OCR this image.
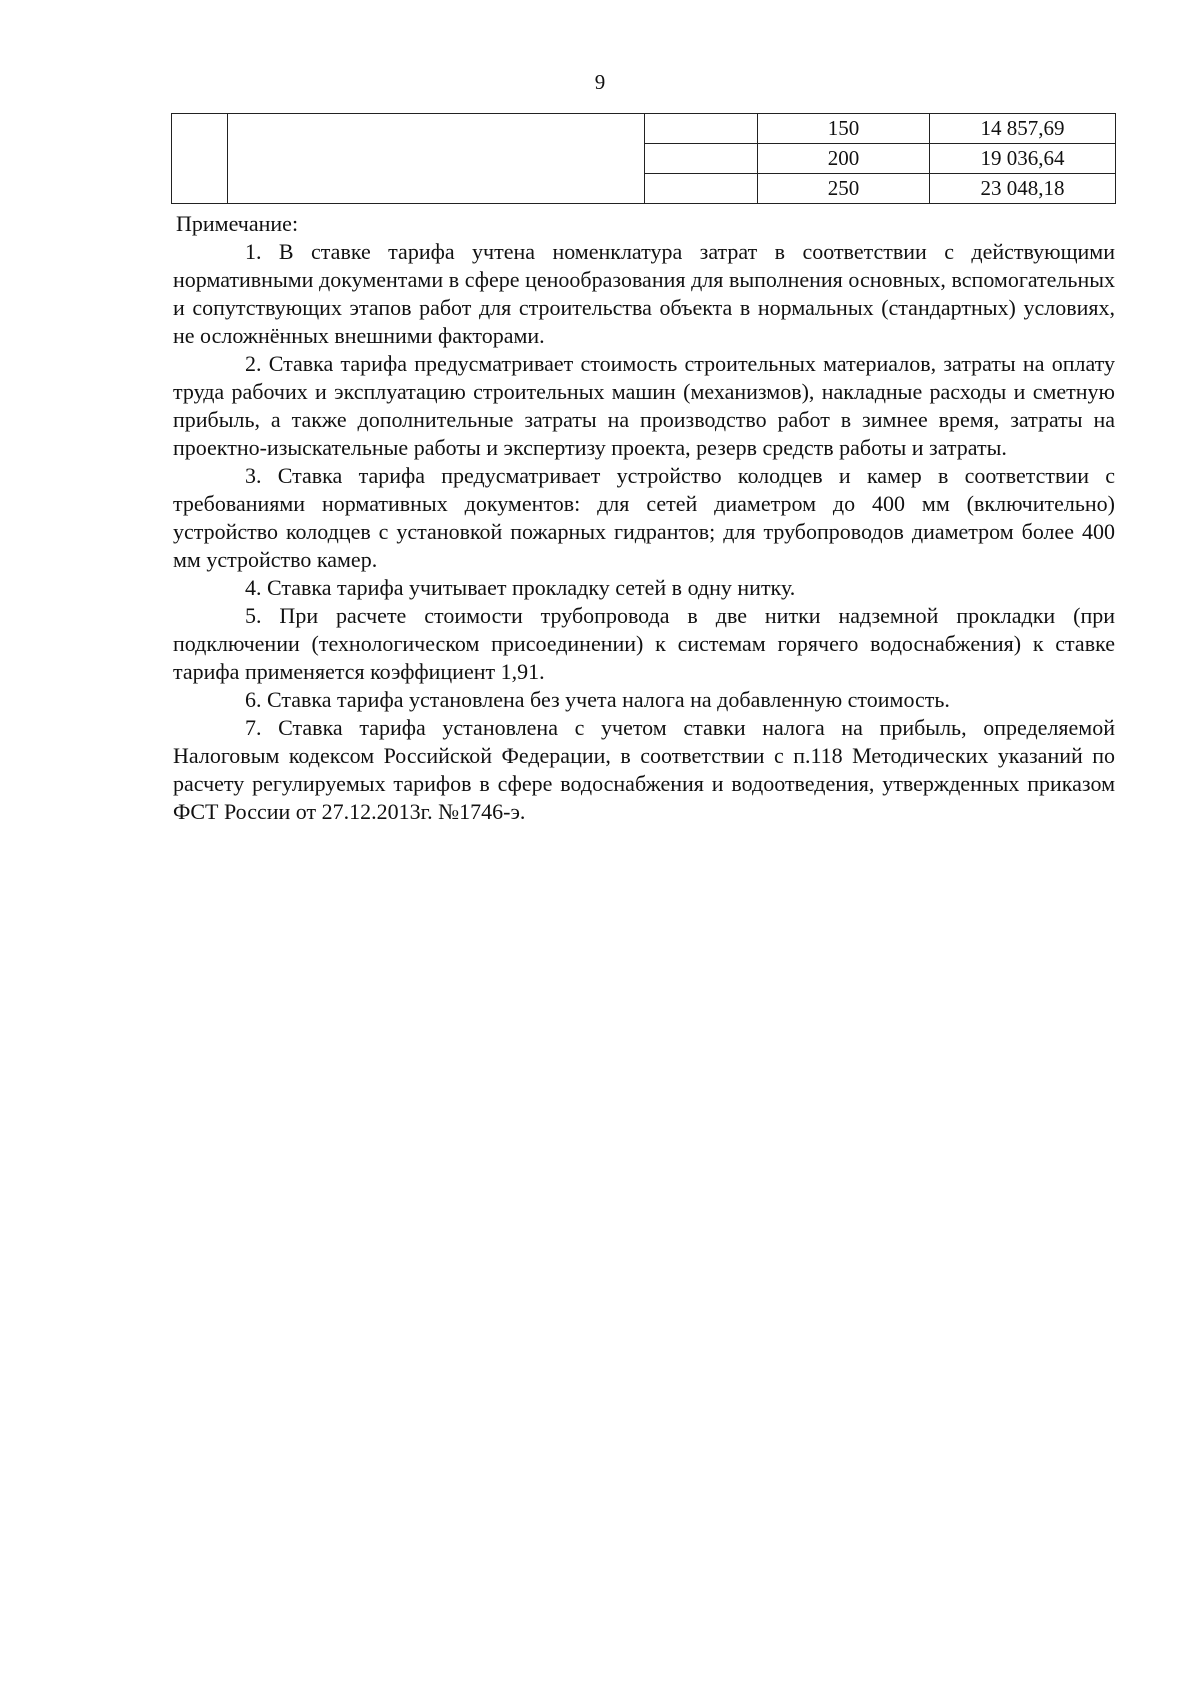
9
			150	14 857,69
			200	19 036,64
			250	23 048,18
Примечание:

1. В ставке тарифа учтена номенклатура затрат в соответствии с действующими нормативными документами в сфере ценообразования для выполнения основных, вспомогательных и сопутствующих этапов работ для строительства объекта в нормальных (стандартных) условиях, не осложнённых внешними факторами.

2. Ставка тарифа предусматривает стоимость строительных материалов, затраты на оплату труда рабочих и эксплуатацию строительных машин (механизмов), накладные расходы и сметную прибыль, а также дополнительные затраты на производство работ в зимнее время, затраты на проектно-изыскательные работы и экспертизу проекта, резерв средств работы и затраты.

3. Ставка тарифа предусматривает устройство колодцев и камер в соответствии с требованиями нормативных документов: для сетей диаметром до 400 мм (включительно) устройство колодцев с установкой пожарных гидрантов; для трубопроводов диаметром более 400 мм устройство камер.

4. Ставка тарифа учитывает прокладку сетей в одну нитку.

5. При расчете стоимости трубопровода в две нитки надземной прокладки (при подключении (технологическом присоединении) к системам горячего водоснабжения) к ставке тарифа применяется коэффициент 1,91.

6. Ставка тарифа установлена без учета налога на добавленную стоимость.

7. Ставка тарифа установлена с учетом ставки налога на прибыль, определяемой Налоговым кодексом Российской Федерации, в соответствии с п.118 Методических указаний по расчету регулируемых тарифов в сфере водоснабжения и водоотведения, утвержденных приказом ФСТ России от 27.12.2013г. №1746-э.
